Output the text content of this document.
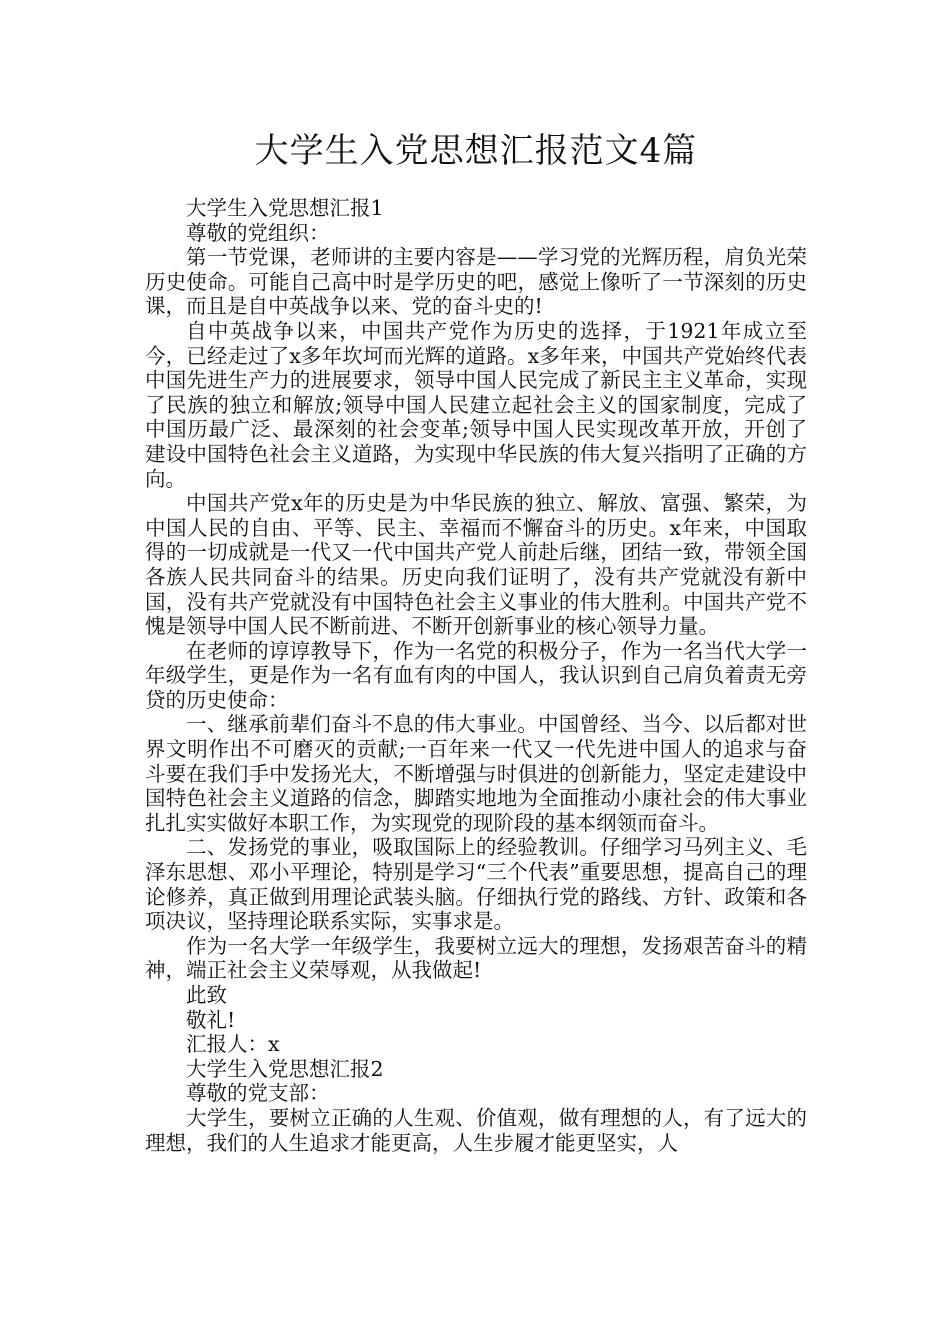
大学生入党思想汇报范文4篇

大学生入党思想汇报1

尊敬的党组织：

第一节党课，老师讲的主要内容是——学习党的光辉历程，肩负光荣历史使命。可能自己高中时是学历史的吧，感觉上像听了一节深刻的历史课，而且是自中英战争以来、党的奋斗史的!

自中英战争以来，中国共产党作为历史的选择，于1921年成立至今，已经走过了x多年坎坷而光辉的道路。x多年来，中国共产党始终代表中国先进生产力的进展要求，领导中国人民完成了新民主主义革命，实现了民族的独立和解放;领导中国人民建立起社会主义的国家制度，完成了中国历最广泛、最深刻的社会变革;领导中国人民实现改革开放，开创了建设中国特色社会主义道路，为实现中华民族的伟大复兴指明了正确的方向。

中国共产党x年的历史是为中华民族的独立、解放、富强、繁荣，为中国人民的自由、平等、民主、幸福而不懈奋斗的历史。x年来，中国取得的一切成就是一代又一代中国共产党人前赴后继，团结一致，带领全国各族人民共同奋斗的结果。历史向我们证明了，没有共产党就没有新中国，没有共产党就没有中国特色社会主义事业的伟大胜利。中国共产党不愧是领导中国人民不断前进、不断开创新事业的核心领导力量。

在老师的谆谆教导下，作为一名党的积极分子，作为一名当代大学一年级学生，更是作为一名有血有肉的中国人，我认识到自己肩负着责无旁贷的历史使命：

一、继承前辈们奋斗不息的伟大事业。中国曾经、当今、以后都对世界文明作出不可磨灭的贡献;一百年来一代又一代先进中国人的追求与奋斗要在我们手中发扬光大，不断增强与时俱进的创新能力，坚定走建设中国特色社会主义道路的信念，脚踏实地地为全面推动小康社会的伟大事业扎扎实实做好本职工作，为实现党的现阶段的基本纲领而奋斗。

二、发扬党的事业，吸取国际上的经验教训。仔细学习马列主义、毛泽东思想、邓小平理论，特别是学习“三个代表”重要思想，提高自己的理论修养，真正做到用理论武装头脑。仔细执行党的路线、方针、政策和各项决议，坚持理论联系实际，实事求是。

作为一名大学一年级学生，我要树立远大的理想，发扬艰苦奋斗的精神，端正社会主义荣辱观，从我做起!

此致

敬礼!

汇报人：x

大学生入党思想汇报2

尊敬的党支部：

大学生，要树立正确的人生观、价值观，做有理想的人，有了远大的理想，我们的人生追求才能更高，人生步履才能更坚实，人
